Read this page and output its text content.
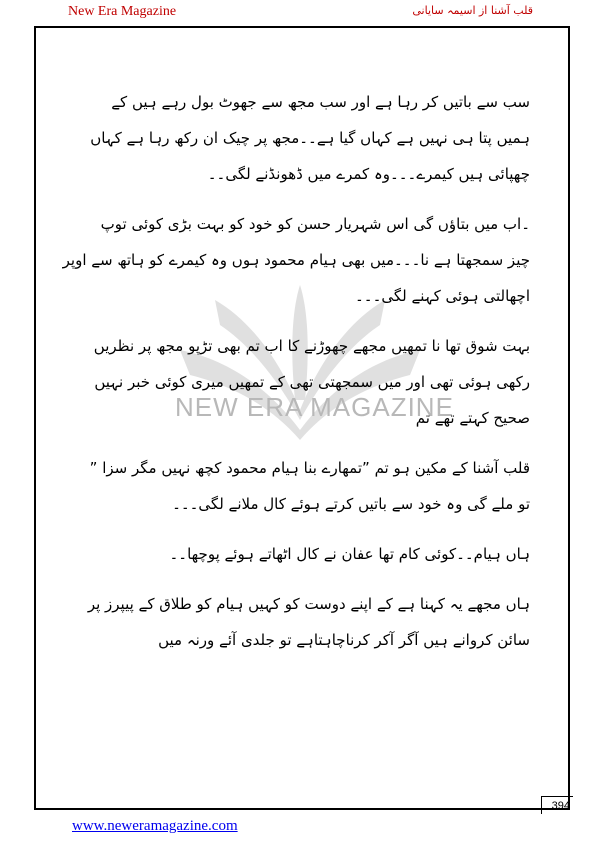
New Era Magazine	قلب آشنا از اسیمہ سایانی
NEW ERA MAGAZINE

سب سے باتیں کر رہا ہے اور سب مجھ سے جھوٹ بول رہے ہیں کے
ہمیں پتا ہی نہیں ہے کہاں گیا ہے۔۔مجھ پر چیک ان رکھ رہا ہے کہاں
چھپائی ہیں کیمرے۔۔۔وہ کمرے میں ڈھونڈنے لگی۔۔

۔اب میں بتاؤں گی اس شہریار حسن کو خود کو بہت بڑی کوئی توپ
چیز سمجھتا ہے نا۔۔۔میں بھی ہیام محمود ہوں وہ کیمرے کو ہاتھ سے اوپر
اچھالتی ہوئی کہنے لگی۔۔۔

بہت شوق تھا نا تمھیں مجھے چھوڑنے کا اب تم بھی تڑپو مجھ پر نظریں
رکھی ہوئی تھی اور میں سمجھتی تھی کے تمھیں میری کوئی خبر نہیں
صحیح کہتے تھے تم

قلب آشنا کے مکین ہو تم ”تمھارے بنا ہیام محمود کچھ نہیں مگر سزا ”
تو ملے گی وہ خود سے باتیں کرتے ہوئے کال ملانے لگی۔۔۔

ہاں ہیام۔۔کوئی کام تھا عفان نے کال اٹھاتے ہوئے پوچھا۔۔

ہاں مجھے یہ کہنا ہے کے اپنے دوست کو کہیں ہیام کو طلاق کے پیپرز پر
سائن کروانے ہیں آگر آکر کرناچاہتاہے تو جلدی آئے ورنہ میں

394
www.neweramagazine.com
